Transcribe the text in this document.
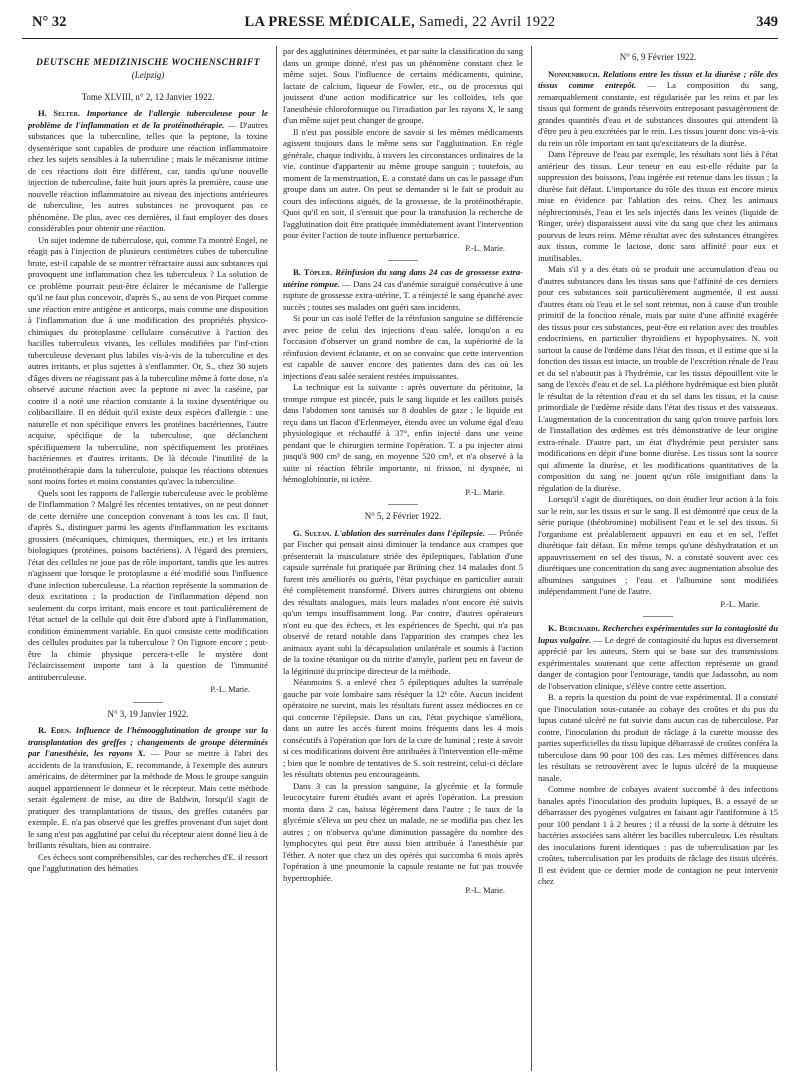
N° 32	LA PRESSE MÉDICALE, Samedi, 22 Avril 1922	349
DEUTSCHE MEDIZINISCHE WOCHENSCHRIFT
(Leipzig)
Tome XLVIII, n° 2, 12 Janvier 1922.

H. Selter. Importance de l'allergie tuberculeuse pour le problème de l'inflammation et de la protéinothérapie. — D'autres substances que la tuberculine, telles que la peptone, la toxine dysentérique sont capables de produire une réaction inflammatoire chez les sujets sensibles à la tuberculine ; mais le mécanisme intime de ces réactions doit être différent, car, tandis qu'une nouvelle injection de tuberculine, faite huit jours après la première, cause une nouvelle réaction inflammatoire au niveau des injections antérieures de tuberculine, les autres substances ne provoquent pas ce phénomène. De plus, avec ces dernières, il faut employer des doses considérables pour obtenir une réaction.

Un sujet indemne de tuberculose, qui, comme l'a montré Engel, ne réagit pas à l'injection de plusieurs centimètres cubes de tuberculine brute, est-il capable de se montrer réfractaire aussi aux subtances qui provoquent une inflammation chez les tuberculeux ? La solution de ce problème pourrait peut-être éclairer le mécanisme de l'allergie qu'il ne faut plus concevoir, d'après S., au sens de von Pirquet comme une réaction entre antigène et anticorps, mais comme une disposition à l'inflammation due à une modification des propriétés physico-chimiques du protoplasme cellulaire consécutive à l'action des bacilles tuberculeux vivants, les cellules modifiées par l'inf-ction tuberculeuse devenant plus labiles vis-à-vis de la tuberculine et des autres irritants, et plus sujettes à s'enflammer. Or, S., chez 30 sujets d'âges divers ne réagissant pas à la tuberculine même à forte dose, n'a observé aucune réaction avec la peptone ni avec la caséine, par contre il a noté une réaction constante à la toxine dysentérique ou colibacillaire. Il en déduit qu'il existe deux espèces d'allergie : une naturelle et non spécifique envers les protéines bactériennes, l'autre acquise, spécifique de la tuberculose, que déclanchent spécifiquement la tuberculine, non spécifiquement les protéines bactériennes et d'autres irritants. De là découle l'inutilité de la protéinothérapie dans la tuberculose, puisque les réactions obtenues sont moins fortes et moins constantes qu'avec la tuberculine.

Quels sont les rapports de l'allergie tuberculeuse avec le problème de l'inflammation ? Malgré les récentes tentatives, on ne peut donner de cette dernière une conception convenant à tous les cas. Il faut, d'après S., distinguer parmi les agents d'inflammation les excitants grossiers (mécaniques, chimiques, thermiques, etc.) et les irritants biologiques (protéines, poisons bactériens). A l'égard des premiers, l'état des cellules ne joue pas de rôle important, tandis que les autres n'agissent que lorsque le protoplasme a été modifié sous l'influence d'une infection tuberculeuse. La réaction représente la sommation de deux excitations ; la production de l'inflammation dépend non seulement du corps irritant, mais encore et tout particulièrement de l'état actuel de la cellule qui doit être d'abord apte à l'inflammation, condition éminemment variable. En quoi consiste cette modification des cellules produites par la tuberculose ? On l'ignore encore ; peut-être la chimie physique percera-t-elle le mystère dont l'éclaircissement importe tant à la question de l'immunité antituberculeuse.

P.-L. Marie.
N° 3, 19 Janvier 1922.

R. Eden. Influence de l'hémoagglutination de groupe sur la transplantation des greffes ; changements de groupe déterminés par l'anesthésie, les rayons X. — Pour se mettre à l'abri des accidents de la transfusion, E. recommande, à l'exemple des auteurs américains, de déterminer par la méthode de Moss le groupe sanguin auquel appartiennent le donneur et le récepteur. Mais cette méthode serait également de mise, au dire de Baldwin, lorsqu'il s'agit de pratiquer des transplantations de tissus, des greffes cutanées par exemple. E. n'a pas observé que les greffes provenant d'un sujet dont le sang n'est pas agglutiné par celui du récepteur aient donné lieu à de brillants résultats, bien au contraire.

Ces échecs sont compréhensibles, car des recherches d'E. il ressort que l'agglutination des hématies

par des agglutinines déterminées, et par suite la classification du sang dans un groupe donné, n'est pas un phénomène constant chez le même sujet. Sous l'influence de certains médicaments, quinine, lactate de calcium, liqueur de Fowler, etc., ou de processus qui jouissent d'une action modificatrice sur les colloïdes, tels que l'anesthésie chloroformique ou l'irradiation par les rayons X, le sang d'un même sujet peut changer de groupe.

Il n'est pas possible encore de savoir si les mêmes médicaments agissent toujours dans le même sens sur l'agglutination. En règle générale, chaque individu, à travers les circonstances ordinaires de la vie, continue d'appartenir au même groupe sanguin ; toutefois, au moment de la menstruation, E. a constaté dans un cas le passage d'un groupe dans un autre. On peut se demander si le fait se produit au cours des infections aiguës, de la grossesse, de la protéinothérapie. Quoi qu'il en soit, il s'ensuit que pour la transfusion la recherche de l'agglutination doit être pratiquée immédiatement avant l'intervention pour éviter l'action de toute influence perturbatrice.

P.-L. Marie.

B. Töpler. Réinfusion du sang dans 24 cas de grossesse extra-utérine rompue. — Dans 24 cas d'anémie suraiguë consécutive à une rupture de grossesse extra-utérine, T. a réinjecté le sang épanché avec succès ; toutes ses malades ont guéri sans incidents.

Si pour un cas isolé l'effet de la réinfusion sanguine se différencie avec peine de celui des injections d'eau salée, lorsqu'on a eu l'occasion d'observer un grand nombre de cas, la supériorité de la réinfusion devient éclatante, et on se convainc que cette intervention est capable de sauver encore des patientes dans des cas où les injections d'eau salée seraient restées impuissantes.

La technique est la suivante : après ouverture du péritoine, la trompe rompue est pincée, puis le sang liquide et les caillots puisés dans l'abdomen sont tamisés sur 8 doubles de gaze ; le liquide est reçu dans un flacon d'Erlenmeyer, étendu avec un volume égal d'eau physiologique et réchauffé à 37°, enfin injecté dans une veine pendant que le chirurgien termine l'opération. T. a pu injecter ainsi jusqu'à 900 cm³ de sang, en moyenne 520 cm³, et n'a observé à la suite ni réaction fébrile importante, ni frisson, ni dyspnée, ni hémoglobinurie, ni ictère.

P.-L. Marie.
N° 5, 2 Février 1922.

G. Sultan. L'ablation des surrénales dans l'épilepsie. — Prônée par Fischer qui pensait ainsi diminuer la tendance aux crampes que présenterait la musculature striée des épileptiques, l'ablation d'une capsule surrénale fut pratiquée par Brüning chez 14 malades dont 5 furent très améliorés ou guéris, l'état psychique en particulier aurait été complètement transformé. Divers autres chirurgiens ont obtenu des résultats analogues, mais leurs malades n'ont encore été suivis qu'un temps insuffisamment long. Par contre, d'autres opérateurs n'ont eu que des échecs, et les expériences de Specht, qui n'a pas observé de retard notable dans l'apparition des crampes chez les animaux ayant subi la décapsulation unilatérale et soumis à l'action de la toxine tétanique ou du nitrite d'amyle, parlent peu en faveur de la légitimité du principe directeur de la méthode.

Néanmoins S. a enlevé chez 5 épileptiques adultes la surrénale gauche par voie lombaire sans réséquer la 12ᵉ côte. Aucun incident opératoire ne survint, mais les résultats furent assez médiocres en ce qui concerne l'épilepsie. Dans un cas, l'état psychique s'améliora, dans un autre les accès furent moins fréquents dans les 4 mois consécutifs à l'opération que lors de la cure de luminal ; reste à savoir si ces modifications doivent être attribuées à l'intervention elle-même ; bien que le nombre de tentatives de S. soit restreint, celui-ci déclare les résultats obtenus peu encourageants.

Dans 3 cas la pression sanguine, la glycémie et la formule leucocytaire furent étudiés avant et après l'opération. La pression monta dans 2 cas, baissa légèrement dans l'autre ; le taux de la glycémie s'éleva un peu chez un malade, ne se modifia pas chez les autres ; on n'observa qu'une diminution passagère du nombre des lymphocytes qui peut être aussi bien attribuée à l'anesthésie par l'éther. A noter que chez un des opérés qui succomba 6 mois après l'opération à une pneumonie la capsule restante ne fut pas trouvée hypertrophiée.

P.-L. Marie.
N° 6, 9 Février 1922.

Nonnenbruch. Relations entre les tissus et la diurèse ; rôle des tissus comme entrepôt. — La composition du sang, remarquablement constante, est régularisée par les reins et par les tissus qui forment de grands réservoirs entreposant passagèrement de grandes quantités d'eau et de substances dissoutes qui attendent là d'être peu à peu excrétées par le rein. Les tissus jouent donc vis-à-vis du rein un rôle important en tant qu'excitateurs de la diurèse.

Dans l'épreuve de l'eau par exemple, les résultats sont liés à l'état antérieur des tissus. Leur teneur en eau est-elle réduite par la suppression des boissons, l'eau ingérée est retenue dans les tissus ; la diurèse fait défaut. L'importance du rôle des tissus est encore mieux mise en évidence par l'ablation des reins. Chez les animaux néphrectomisés, l'eau et les sels injectés dans les veines (liquide de Ringer, urée) disparaissent aussi vite du sang que chez les animaux pourvus de leurs reins. Même résultat avec des substances étrangères aux tissus, comme le lactose, donc sans affinité pour eux et inutilisables.

Mais s'il y a des états où se produit une accumulation d'eau ou d'autres substances dans les tissus sans que l'affinité de ces derniers pour ces substances soit particulièrement augmentée, il est aussi d'autres états où l'eau et le sel sont retenus, non à cause d'un trouble primitif de la fonction rénale, mais par suite d'une affinité exagérée des tissus pour ces substances, peut-être en relation avec des troubles endocriniens, en particulier thyroïdiens et hypophysaires. N. voit surtout la cause de l'œdème dans l'état des tissus, et il estime que si la fonction des tissus est intacte, un trouble de l'excrétion rénale de l'eau et du sel n'aboutit pas à l'hydrémie, car les tissus dépouillent vite le sang de l'excès d'eau et de sel. La pléthore hydrémique est bien plutôt le résultat de la rétention d'eau et du sel dans les tissus, et la cause primordiale de l'œdème réside dans l'état des tissus et des vaisseaux. L'augmentation de la concentration du sang qu'on trouve parfois lors de l'installation des œdèmes est très démonstrative de leur origine extra-rénale. D'autre part, un état d'hydrémie peut persister sans modifications en dépit d'une bonne diurèse. Les tissus sont la source qui alimente la diurèse, et les modifications quantitatives de la composition du sang ne jouent qu'un rôle insignifiant dans la régulation de la diurèse.

Lorsqu'il s'agit de diurétiques, on doit étudier leur action à la fois sur le rein, sur les tissus et sur le sang. Il est démontré que ceux de la série purique (théobromine) mobilisent l'eau et le sel des tissus. Si l'organisme est préalablement appauvri en eau et en sel, l'effet diurétique fait défaut. En même temps qu'une déshydratation et un appauvrissement en sel des tissus, N. a constaté souvent avec ces diurétiques une concentration du sang avec augmentation absolue des albumines sanguines ; l'eau et l'albumine sont modifiées indépendamment l'une de l'autre.

P.-L. Marie.

K. Burchardi. Recherches expérimentales sur la contagiosité du lupus vulgaire. — Le degré de contagiosité du lupus est diversement apprécié par les auteurs, Stern qui se base sur des transmissions expérimentales soutenant que cette affection représente un grand danger de contagion pour l'entourage, tandis que Jadassohn, au nom de l'observation clinique, s'élève contre cette assertion.

B. a repris la question du point de vue expérimental. Il a constaté que l'inoculation sous-cutanée au cobaye des croûtes et du pus du lupus cutané ulcéré ne fut suivie dans aucun cas de tuberculose. Par contre, l'inoculation du produit de râclage à la curette mousse des parties superficielles du tissu lupique débarrassé de croûtes conféra la tuberculose dans 90 pour 100 des cas. Les mêmes différences dans les résultats se retrouvèrent avec le lupus ulcéré de la muqueuse nasale.

Comme nombre de cobayes avaient succombé à des infections banales après l'inoculation des produits lupiques, B. a essayé de se débarrasser des pyogènes vulgaires en faisant agir l'antiformine à 15 pour 100 pendant 1 à 2 heures ; il a réussi de la sorte à détruire les bactéries associées sans altérer les bacilles tuberculeux. Les résultats des inoculations furent identiques : pas de tuberculisation par les croûtes, tuberculisation par les produits de râclage des tissus ulcérés. Il est évident que ce dernier mode de contagion ne peut intervenir chez
